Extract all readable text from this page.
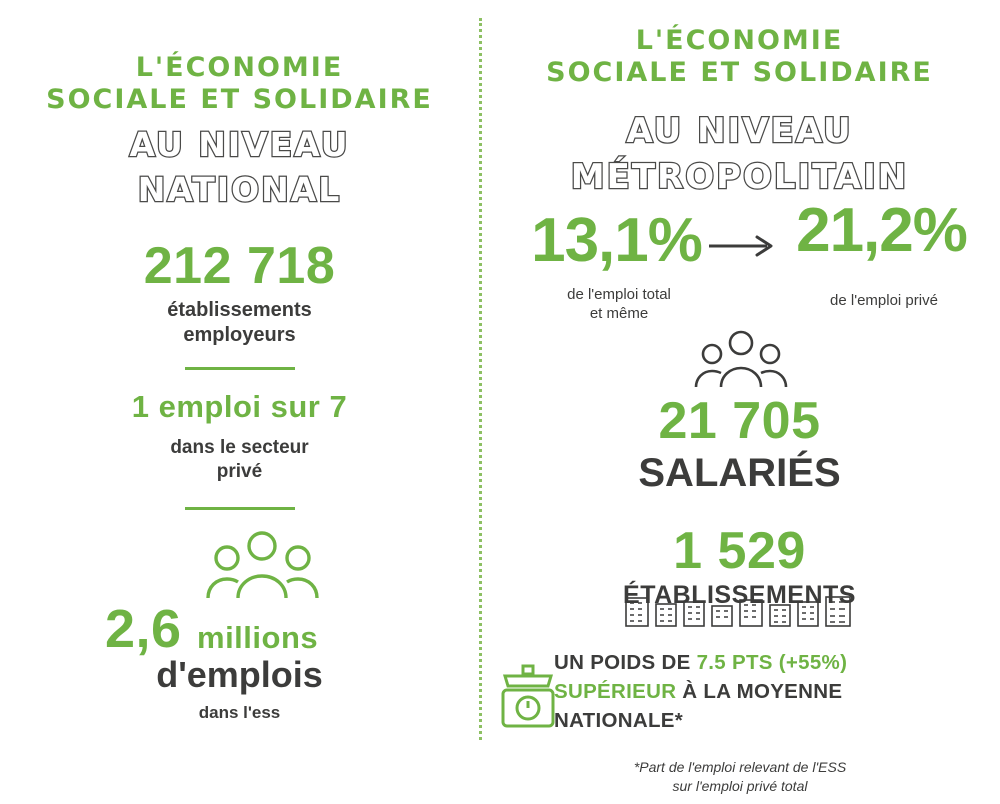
L'ÉCONOMIE
SOCIALE ET SOLIDAIRE
AU NIVEAU
NATIONAL
212 718
établissements
employeurs
1 emploi sur 7
dans le secteur
privé
2,6 millions
d'emplois
dans l'ess
L'ÉCONOMIE
SOCIALE ET SOLIDAIRE
AU NIVEAU
MÉTROPOLITAIN
13,1%	21,2%
de l'emploi total
et même
de l'emploi privé
21 705
SALARIÉS
1 529
ÉTABLISSEMENTS
UN POIDS DE 7.5 PTS (+55%)
SUPÉRIEUR À LA MOYENNE
NATIONALE*
*Part de l'emploi relevant de l'ESS
sur l'emploi privé total
